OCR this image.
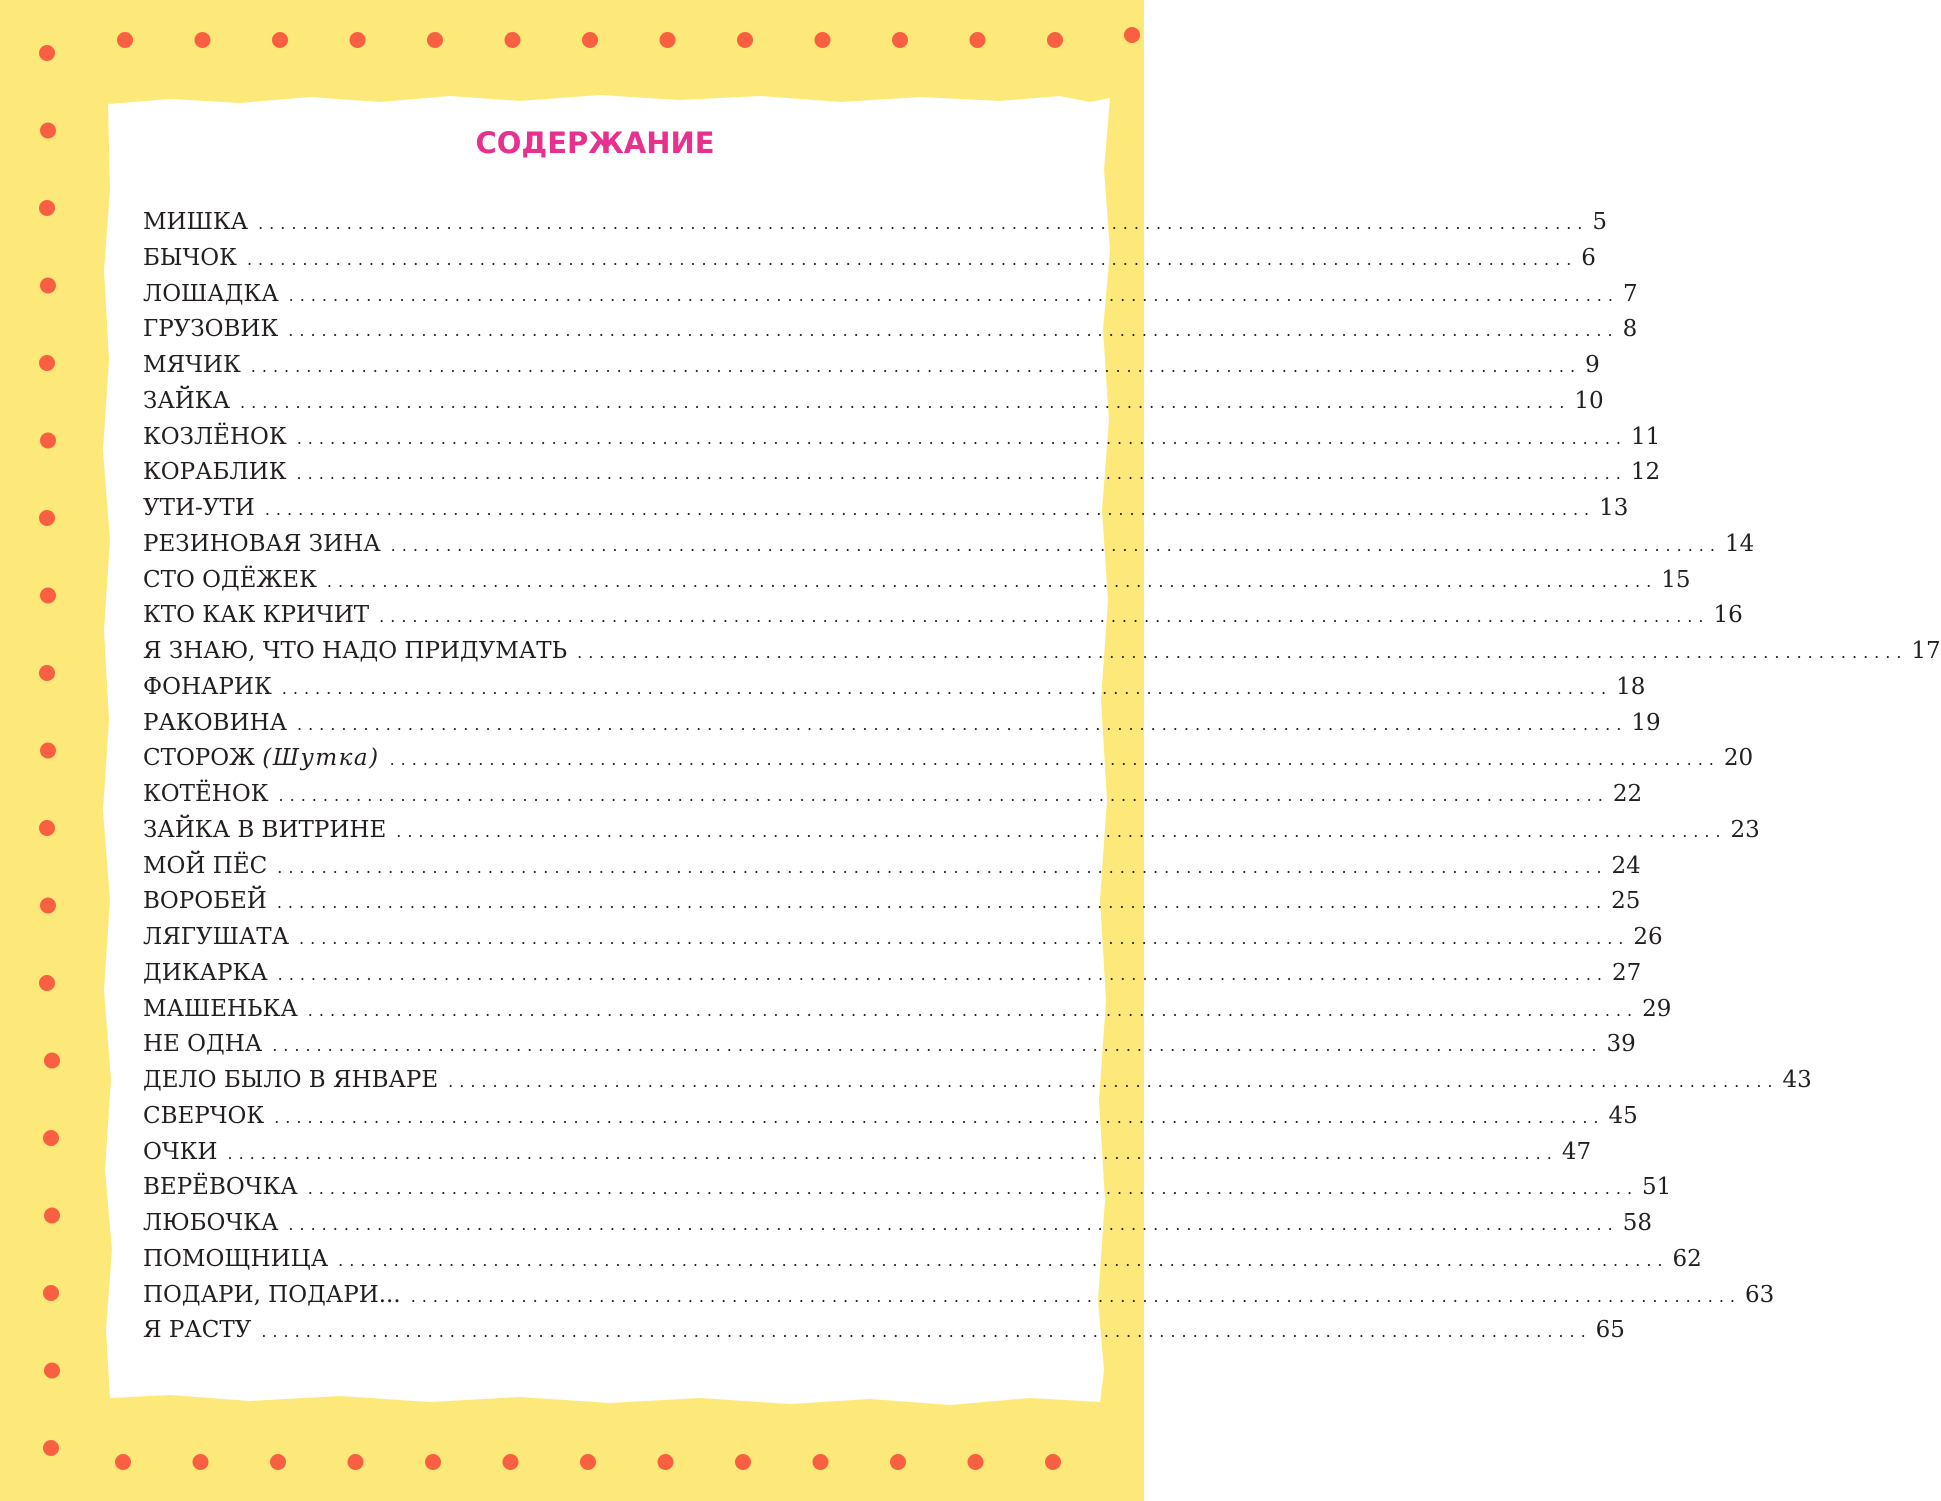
СОДЕРЖАНИЕ
МИШКА ........................................................................................................................ 5
БЫЧОК ........................................................................................................................ 6
ЛОШАДКА ........................................................................................................................ 7
ГРУЗОВИК ........................................................................................................................ 8
МЯЧИК ........................................................................................................................ 9
ЗАЙКА ........................................................................................................................ 10
КОЗЛЁНОК ........................................................................................................................ 11
КОРАБЛИК ........................................................................................................................ 12
УТИ-УТИ ........................................................................................................................ 13
РЕЗИНОВАЯ ЗИНА ........................................................................................................................ 14
СТО ОДЁЖЕК ........................................................................................................................ 15
КТО КАК КРИЧИТ ........................................................................................................................ 16
Я ЗНАЮ, ЧТО НАДО ПРИДУМАТЬ ........................................................................................................................ 17
ФОНАРИК ........................................................................................................................ 18
РАКОВИНА ........................................................................................................................ 19
СТОРОЖ (Шутка) ........................................................................................................................ 20
КОТЁНОК ........................................................................................................................ 22
ЗАЙКА В ВИТРИНЕ ........................................................................................................................ 23
МОЙ ПЁС ........................................................................................................................ 24
ВОРОБЕЙ ........................................................................................................................ 25
ЛЯГУШАТА ........................................................................................................................ 26
ДИКАРКА ........................................................................................................................ 27
МАШЕНЬКА ........................................................................................................................ 29
НЕ ОДНА ........................................................................................................................ 39
ДЕЛО БЫЛО В ЯНВАРЕ ........................................................................................................................ 43
СВЕРЧОК ........................................................................................................................ 45
ОЧКИ ........................................................................................................................ 47
ВЕРЁВОЧКА ........................................................................................................................ 51
ЛЮБОЧКА ........................................................................................................................ 58
ПОМОЩНИЦА ........................................................................................................................ 62
ПОДАРИ, ПОДАРИ... ........................................................................................................................ 63
Я РАСТУ ........................................................................................................................ 65
